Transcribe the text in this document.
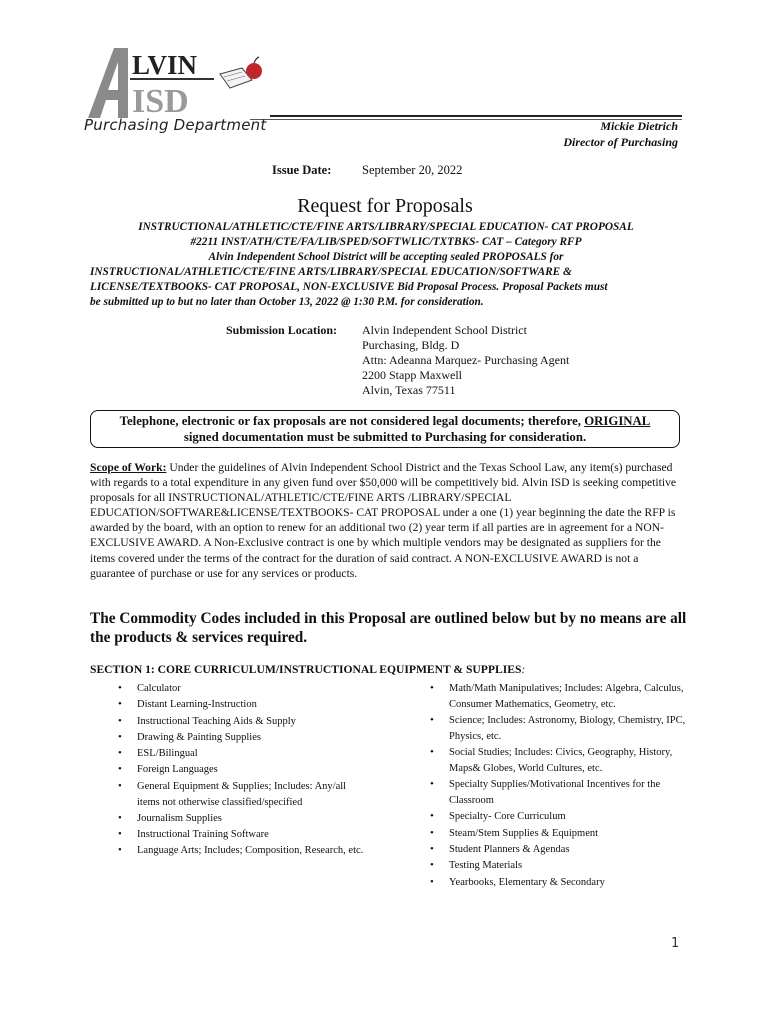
LVIN
ISD
Purchasing Department	Mickie Dietrich
Director of Purchasing
Issue Date: September 20, 2022
Request for Proposals
INSTRUCTIONAL/ATHLETIC/CTE/FINE ARTS/LIBRARY/SPECIAL EDUCATION- CAT PROPOSAL
#2211 INST/ATH/CTE/FA/LIB/SPED/SOFTWLIC/TXTBKS- CAT – Category RFP
Alvin Independent School District will be accepting sealed PROPOSALS for
INSTRUCTIONAL/ATHLETIC/CTE/FINE ARTS/LIBRARY/SPECIAL EDUCATION/SOFTWARE &
LICENSE/TEXTBOOKS- CAT PROPOSAL, NON-EXCLUSIVE Bid Proposal Process. Proposal Packets must
be submitted up to but no later than October 13, 2022 @ 1:30 P.M. for consideration.
Submission Location: Alvin Independent School District
Purchasing, Bldg. D
Attn: Adeanna Marquez- Purchasing Agent
2200 Stapp Maxwell
Alvin, Texas 77511
Telephone, electronic or fax proposals are not considered legal documents; therefore, ORIGINAL
signed documentation must be submitted to Purchasing for consideration.
Scope of Work: Under the guidelines of Alvin Independent School District and the Texas School Law, any item(s) purchased with regards to a total expenditure in any given fund over $50,000 will be competitively bid. Alvin ISD is seeking competitive proposals for all INSTRUCTIONAL/ATHLETIC/CTE/FINE ARTS /LIBRARY/SPECIAL EDUCATION/SOFTWARE&LICENSE/TEXTBOOKS- CAT PROPOSAL under a one (1) year beginning the date the RFP is awarded by the board, with an option to renew for an additional two (2) year term if all parties are in agreement for a NON-EXCLUSIVE AWARD. A Non-Exclusive contract is one by which multiple vendors may be designated as suppliers for the items covered under the terms of the contract for the duration of said contract. A NON-EXCLUSIVE AWARD is not a guarantee of purchase or use for any services or products.
The Commodity Codes included in this Proposal are outlined below but by no means are all the products & services required.
SECTION 1: CORE CURRICULUM/INSTRUCTIONAL EQUIPMENT & SUPPLIES:
• Calculator
• Distant Learning-Instruction
• Instructional Teaching Aids & Supply
• Drawing & Painting Supplies
• ESL/Bilingual
• Foreign Languages
• General Equipment & Supplies; Includes: Any/all items not otherwise classified/specified
• Journalism Supplies
• Instructional Training Software
• Language Arts; Includes; Composition, Research, etc.
• Math/Math Manipulatives; Includes: Algebra, Calculus, Consumer Mathematics, Geometry, etc.
• Science; Includes: Astronomy, Biology, Chemistry, IPC, Physics, etc.
• Social Studies; Includes: Civics, Geography, History, Maps& Globes, World Cultures, etc.
• Specialty Supplies/Motivational Incentives for the Classroom
• Specialty- Core Curriculum
• Steam/Stem Supplies & Equipment
• Student Planners & Agendas
• Testing Materials
• Yearbooks, Elementary & Secondary
1
